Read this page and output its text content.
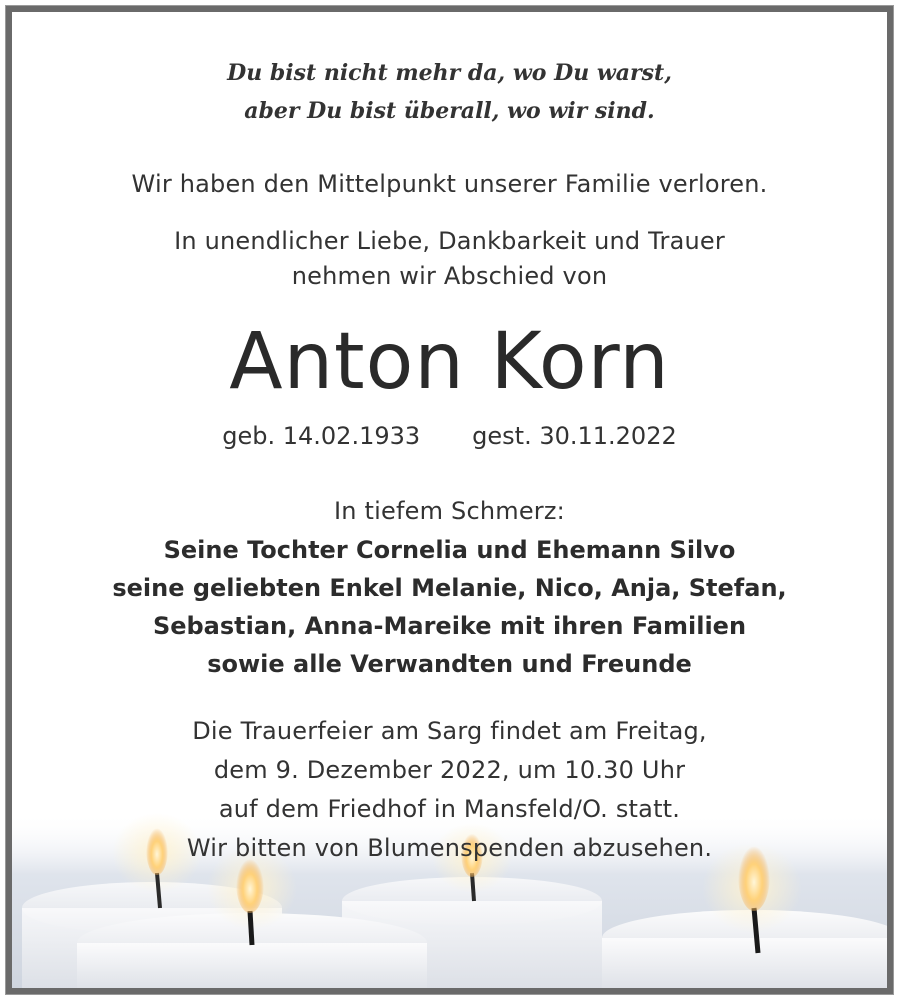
Du bist nicht mehr da, wo Du warst,
aber Du bist überall, wo wir sind.
Wir haben den Mittelpunkt unserer Familie verloren.
In unendlicher Liebe, Dankbarkeit und Trauer
nehmen wir Abschied von
Anton Korn
geb. 14.02.1933 gest. 30.11.2022
In tiefem Schmerz:
Seine Tochter Cornelia und Ehemann Silvo
seine geliebten Enkel Melanie, Nico, Anja, Stefan,
Sebastian, Anna-Mareike mit ihren Familien
sowie alle Verwandten und Freunde
Die Trauerfeier am Sarg findet am Freitag,
dem 9. Dezember 2022, um 10.30 Uhr
auf dem Friedhof in Mansfeld/O. statt.
Wir bitten von Blumenspenden abzusehen.
